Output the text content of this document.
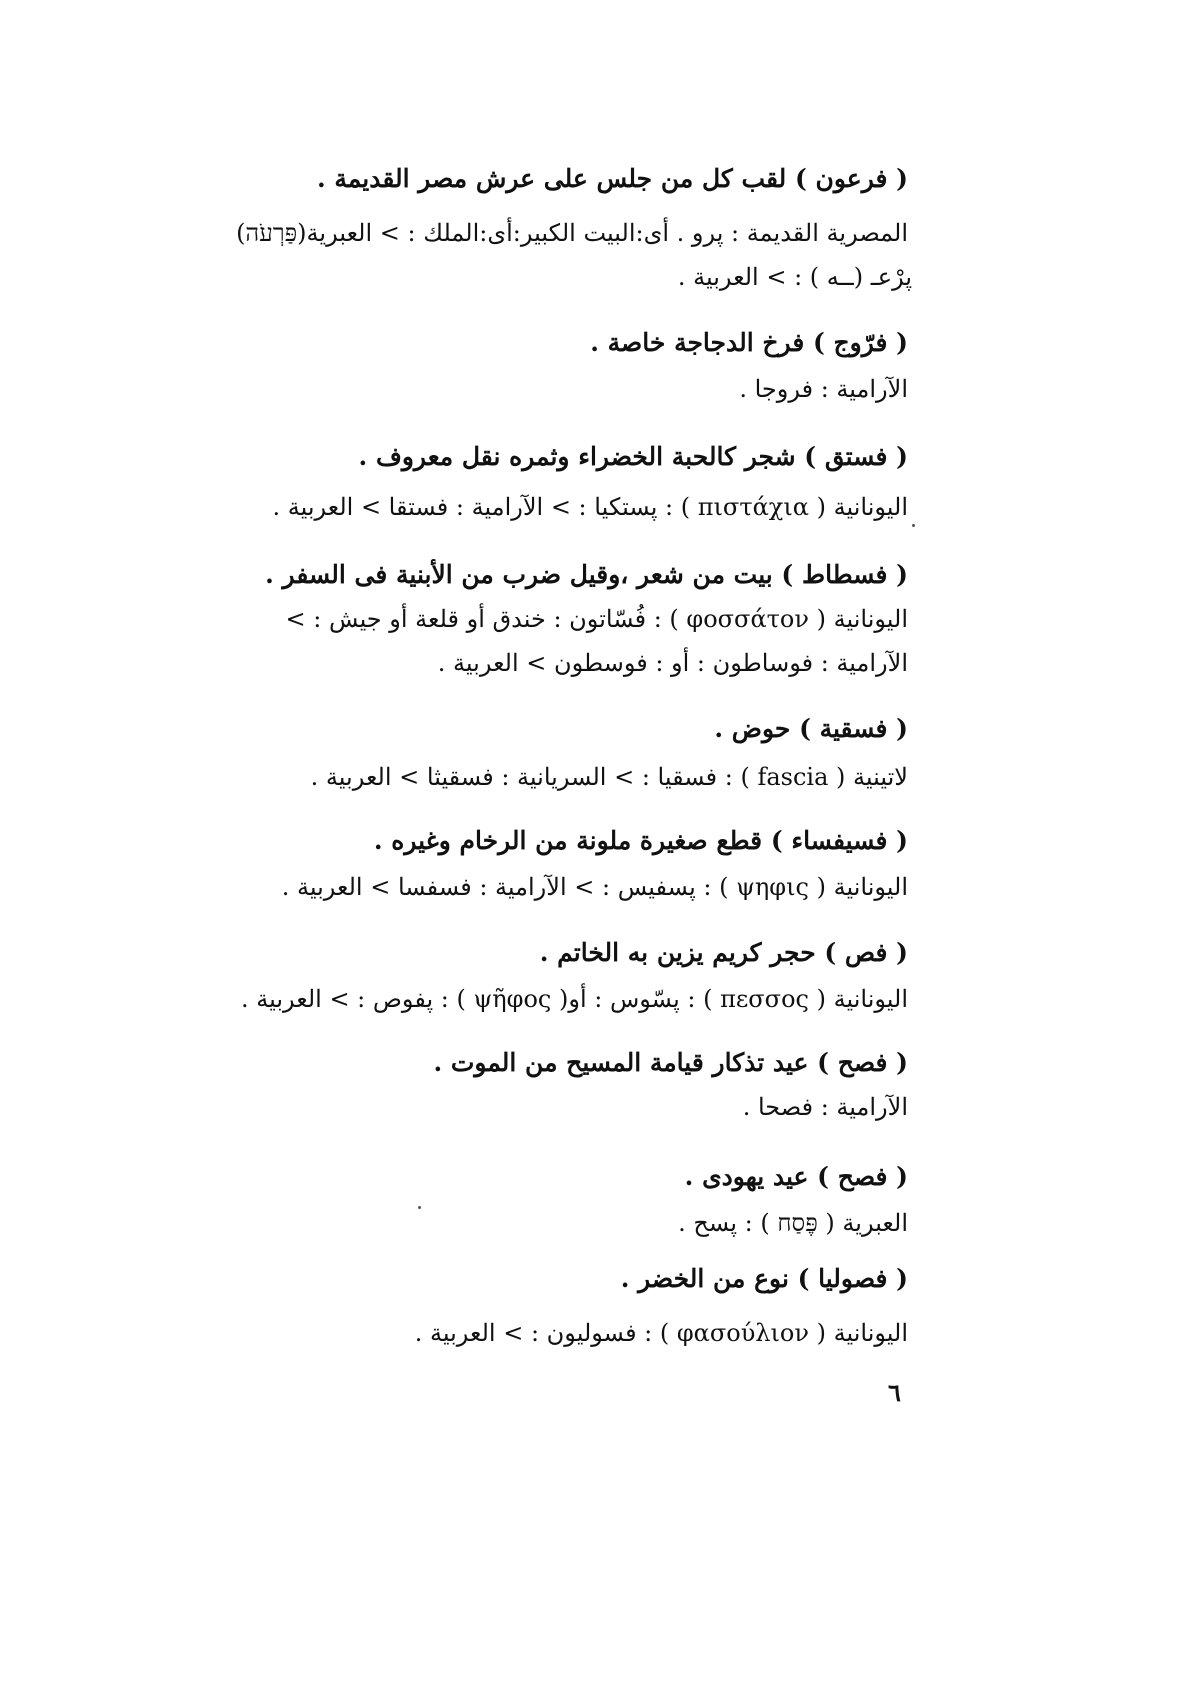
( فرعون ) لقب كل من جلس على عرش مصر القديمة .
المصرية القديمة : پرو . أى:البيت الكبير:أى:الملك : > العبرية(פַּרְעֹה)
پرْعـ (ــه ) : > العربية .
( فرّوج ) فرخ الدجاجة خاصة .
الآرامية : فروجا .
( فستق ) شجر كالحبة الخضراء وثمره نقل معروف .
اليونانية ( πιστάχια ) : پستكيا : > الآرامية : فستقا > العربية .
( فسطاط ) بيت من شعر ،وقيل ضرب من الأبنية فى السفر .
اليونانية ( φοσσάτον ) : فُسّاتون : خندق أو قلعة أو جيش : >
الآرامية : فوساطون : أو : فوسطون > العربية .
( فسقية ) حوض .
لاتينية ( fascia ) : فسقيا : > السريانية : فسقيثا > العربية .
( فسيفساء ) قطع صغيرة ملونة من الرخام وغيره .
اليونانية ( ψηφις ) : پسفيس : > الآرامية : فسفسا > العربية .
( فص ) حجر كريم يزين به الخاتم .
اليونانية ( πεσσος ) : پسّوس : أو( ψῆφος ) : پفوص : > العربية .
( فصح ) عيد تذكار قيامة المسيح من الموت .
الآرامية : فصحا .
( فصح ) عيد يهودى .
العبرية ( פֶּסַח ) : پسح .
( فصوليا ) نوع من الخضر .
اليونانية ( φασούλιον ) : فسوليون : > العربية .
٦
